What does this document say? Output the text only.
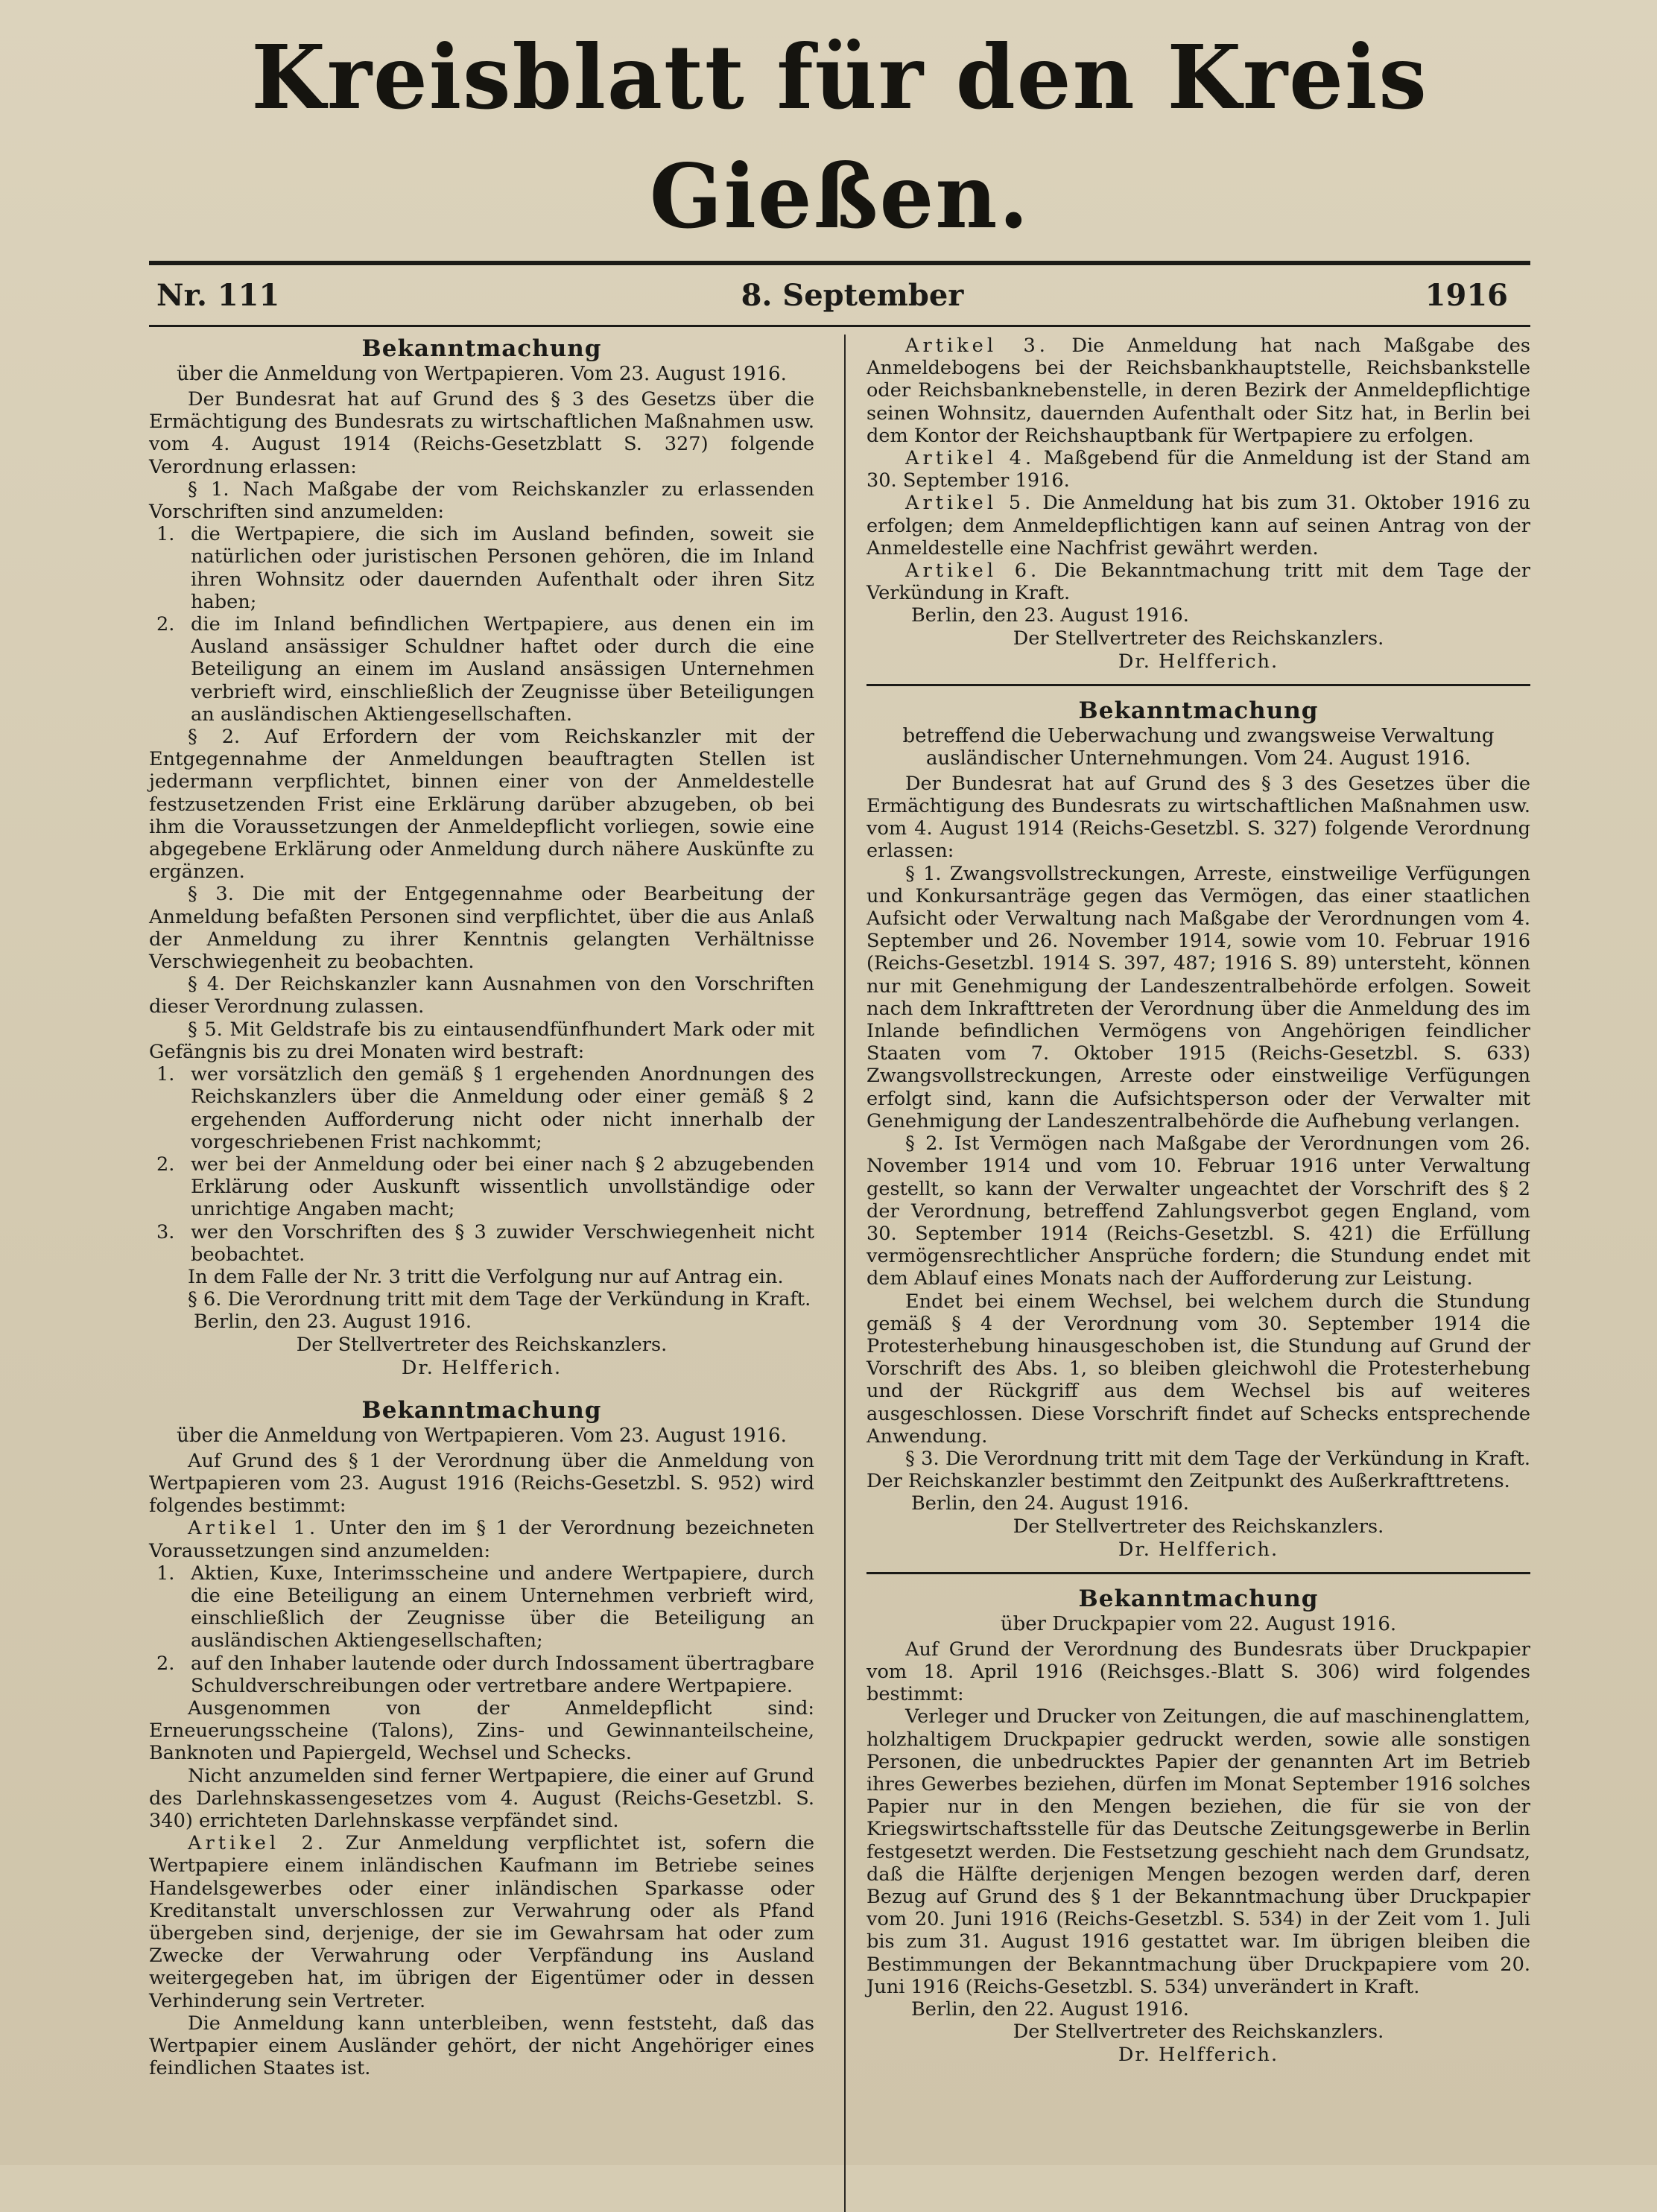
Kreisblatt für den Kreis Gießen.
Nr. 111	8. September	1916
Bekanntmachung
über die Anmeldung von Wertpapieren. Vom 23. August 1916.

Der Bundesrat hat auf Grund des § 3 des Gesetzs über die Ermächtigung des Bundesrats zu wirtschaftlichen Maßnahmen usw. vom 4. August 1914 (Reichs-Gesetzblatt S. 327) folgende Verordnung erlassen:

§ 1. Nach Maßgabe der vom Reichskanzler zu erlassenden Vorschriften sind anzumelden:

1. die Wertpapiere, die sich im Ausland befinden, soweit sie natürlichen oder juristischen Personen gehören, die im Inland ihren Wohnsitz oder dauernden Aufenthalt oder ihren Sitz haben;

2. die im Inland befindlichen Wertpapiere, aus denen ein im Ausland ansässiger Schuldner haftet oder durch die eine Beteiligung an einem im Ausland ansässigen Unternehmen verbrieft wird, einschließlich der Zeugnisse über Beteiligungen an ausländischen Aktiengesellschaften.

§ 2. Auf Erfordern der vom Reichskanzler mit der Entgegennahme der Anmeldungen beauftragten Stellen ist jedermann verpflichtet, binnen einer von der Anmeldestelle festzusetzenden Frist eine Erklärung darüber abzugeben, ob bei ihm die Voraussetzungen der Anmeldepflicht vorliegen, sowie eine abgegebene Erklärung oder Anmeldung durch nähere Auskünfte zu ergänzen.

§ 3. Die mit der Entgegennahme oder Bearbeitung der Anmeldung befaßten Personen sind verpflichtet, über die aus Anlaß der Anmeldung zu ihrer Kenntnis gelangten Verhältnisse Verschwiegenheit zu beobachten.

§ 4. Der Reichskanzler kann Ausnahmen von den Vorschriften dieser Verordnung zulassen.

§ 5. Mit Geldstrafe bis zu eintausendfünfhundert Mark oder mit Gefängnis bis zu drei Monaten wird bestraft:

1. wer vorsätzlich den gemäß § 1 ergehenden Anordnungen des Reichskanzlers über die Anmeldung oder einer gemäß § 2 ergehenden Aufforderung nicht oder nicht innerhalb der vorgeschriebenen Frist nachkommt;

2. wer bei der Anmeldung oder bei einer nach § 2 abzugebenden Erklärung oder Auskunft wissentlich unvollständige oder unrichtige Angaben macht;

3. wer den Vorschriften des § 3 zuwider Verschwiegenheit nicht beobachtet.

In dem Falle der Nr. 3 tritt die Verfolgung nur auf Antrag ein.

§ 6. Die Verordnung tritt mit dem Tage der Verkündung in Kraft.

Berlin, den 23. August 1916.

Der Stellvertreter des Reichskanzlers.
Dr. Helfferich.
Bekanntmachung
über die Anmeldung von Wertpapieren. Vom 23. August 1916.

Auf Grund des § 1 der Verordnung über die Anmeldung von Wertpapieren vom 23. August 1916 (Reichs-Gesetzbl. S. 952) wird folgendes bestimmt:

Artikel 1. Unter den im § 1 der Verordnung bezeichneten Voraussetzungen sind anzumelden:

1. Aktien, Kuxe, Interimsscheine und andere Wertpapiere, durch die eine Beteiligung an einem Unternehmen verbrieft wird, einschließlich der Zeugnisse über die Beteiligung an ausländischen Aktiengesellschaften;

2. auf den Inhaber lautende oder durch Indossament übertragbare Schuldverschreibungen oder vertretbare andere Wertpapiere.

Ausgenommen von der Anmeldepflicht sind: Erneuerungsscheine (Talons), Zins- und Gewinnanteilscheine, Banknoten und Papiergeld, Wechsel und Schecks.

Nicht anzumelden sind ferner Wertpapiere, die einer auf Grund des Darlehnskassengesetzes vom 4. August (Reichs-Gesetzbl. S. 340) errichteten Darlehnskasse verpfändet sind.

Artikel 2. Zur Anmeldung verpflichtet ist, sofern die Wertpapiere einem inländischen Kaufmann im Betriebe seines Handelsgewerbes oder einer inländischen Sparkasse oder Kreditanstalt unverschlossen zur Verwahrung oder als Pfand übergeben sind, derjenige, der sie im Gewahrsam hat oder zum Zwecke der Verwahrung oder Verpfändung ins Ausland weitergegeben hat, im übrigen der Eigentümer oder in dessen Verhinderung sein Vertreter.

Die Anmeldung kann unterbleiben, wenn feststeht, daß das Wertpapier einem Ausländer gehört, der nicht Angehöriger eines feindlichen Staates ist.

Artikel 3. Die Anmeldung hat nach Maßgabe des Anmeldebogens bei der Reichsbankhauptstelle, Reichsbankstelle oder Reichsbanknebenstelle, in deren Bezirk der Anmeldepflichtige seinen Wohnsitz, dauernden Aufenthalt oder Sitz hat, in Berlin bei dem Kontor der Reichshauptbank für Wertpapiere zu erfolgen.

Artikel 4. Maßgebend für die Anmeldung ist der Stand am 30. September 1916.

Artikel 5. Die Anmeldung hat bis zum 31. Oktober 1916 zu erfolgen; dem Anmeldepflichtigen kann auf seinen Antrag von der Anmeldestelle eine Nachfrist gewährt werden.

Artikel 6. Die Bekanntmachung tritt mit dem Tage der Verkündung in Kraft.

Berlin, den 23. August 1916.

Der Stellvertreter des Reichskanzlers.
Dr. Helfferich.
Bekanntmachung
betreffend die Ueberwachung und zwangsweise Verwaltung ausländischer Unternehmungen. Vom 24. August 1916.

Der Bundesrat hat auf Grund des § 3 des Gesetzes über die Ermächtigung des Bundesrats zu wirtschaftlichen Maßnahmen usw. vom 4. August 1914 (Reichs-Gesetzbl. S. 327) folgende Verordnung erlassen:

§ 1. Zwangsvollstreckungen, Arreste, einstweilige Verfügungen und Konkursanträge gegen das Vermögen, das einer staatlichen Aufsicht oder Verwaltung nach Maßgabe der Verordnungen vom 4. September und 26. November 1914, sowie vom 10. Februar 1916 (Reichs-Gesetzbl. 1914 S. 397, 487; 1916 S. 89) untersteht, können nur mit Genehmigung der Landeszentralbehörde erfolgen. Soweit nach dem Inkrafttreten der Verordnung über die Anmeldung des im Inlande befindlichen Vermögens von Angehörigen feindlicher Staaten vom 7. Oktober 1915 (Reichs-Gesetzbl. S. 633) Zwangsvollstreckungen, Arreste oder einstweilige Verfügungen erfolgt sind, kann die Aufsichtsperson oder der Verwalter mit Genehmigung der Landeszentralbehörde die Aufhebung verlangen.

§ 2. Ist Vermögen nach Maßgabe der Verordnungen vom 26. November 1914 und vom 10. Februar 1916 unter Verwaltung gestellt, so kann der Verwalter ungeachtet der Vorschrift des § 2 der Verordnung, betreffend Zahlungsverbot gegen England, vom 30. September 1914 (Reichs-Gesetzbl. S. 421) die Erfüllung vermögensrechtlicher Ansprüche fordern; die Stundung endet mit dem Ablauf eines Monats nach der Aufforderung zur Leistung.

Endet bei einem Wechsel, bei welchem durch die Stundung gemäß § 4 der Verordnung vom 30. September 1914 die Protesterhebung hinausgeschoben ist, die Stundung auf Grund der Vorschrift des Abs. 1, so bleiben gleichwohl die Protesterhebung und der Rückgriff aus dem Wechsel bis auf weiteres ausgeschlossen. Diese Vorschrift findet auf Schecks entsprechende Anwendung.

§ 3. Die Verordnung tritt mit dem Tage der Verkündung in Kraft. Der Reichskanzler bestimmt den Zeitpunkt des Außerkrafttretens.

Berlin, den 24. August 1916.

Der Stellvertreter des Reichskanzlers.
Dr. Helfferich.
Bekanntmachung
über Druckpapier vom 22. August 1916.

Auf Grund der Verordnung des Bundesrats über Druckpapier vom 18. April 1916 (Reichsges.-Blatt S. 306) wird folgendes bestimmt:

Verleger und Drucker von Zeitungen, die auf maschinenglattem, holzhaltigem Druckpapier gedruckt werden, sowie alle sonstigen Personen, die unbedrucktes Papier der genannten Art im Betrieb ihres Gewerbes beziehen, dürfen im Monat September 1916 solches Papier nur in den Mengen beziehen, die für sie von der Kriegswirtschaftsstelle für das Deutsche Zeitungsgewerbe in Berlin festgesetzt werden. Die Festsetzung geschieht nach dem Grundsatz, daß die Hälfte derjenigen Mengen bezogen werden darf, deren Bezug auf Grund des § 1 der Bekanntmachung über Druckpapier vom 20. Juni 1916 (Reichs-Gesetzbl. S. 534) in der Zeit vom 1. Juli bis zum 31. August 1916 gestattet war. Im übrigen bleiben die Bestimmungen der Bekanntmachung über Druckpapiere vom 20. Juni 1916 (Reichs-Gesetzbl. S. 534) unverändert in Kraft.

Berlin, den 22. August 1916.

Der Stellvertreter des Reichskanzlers.
Dr. Helfferich.
